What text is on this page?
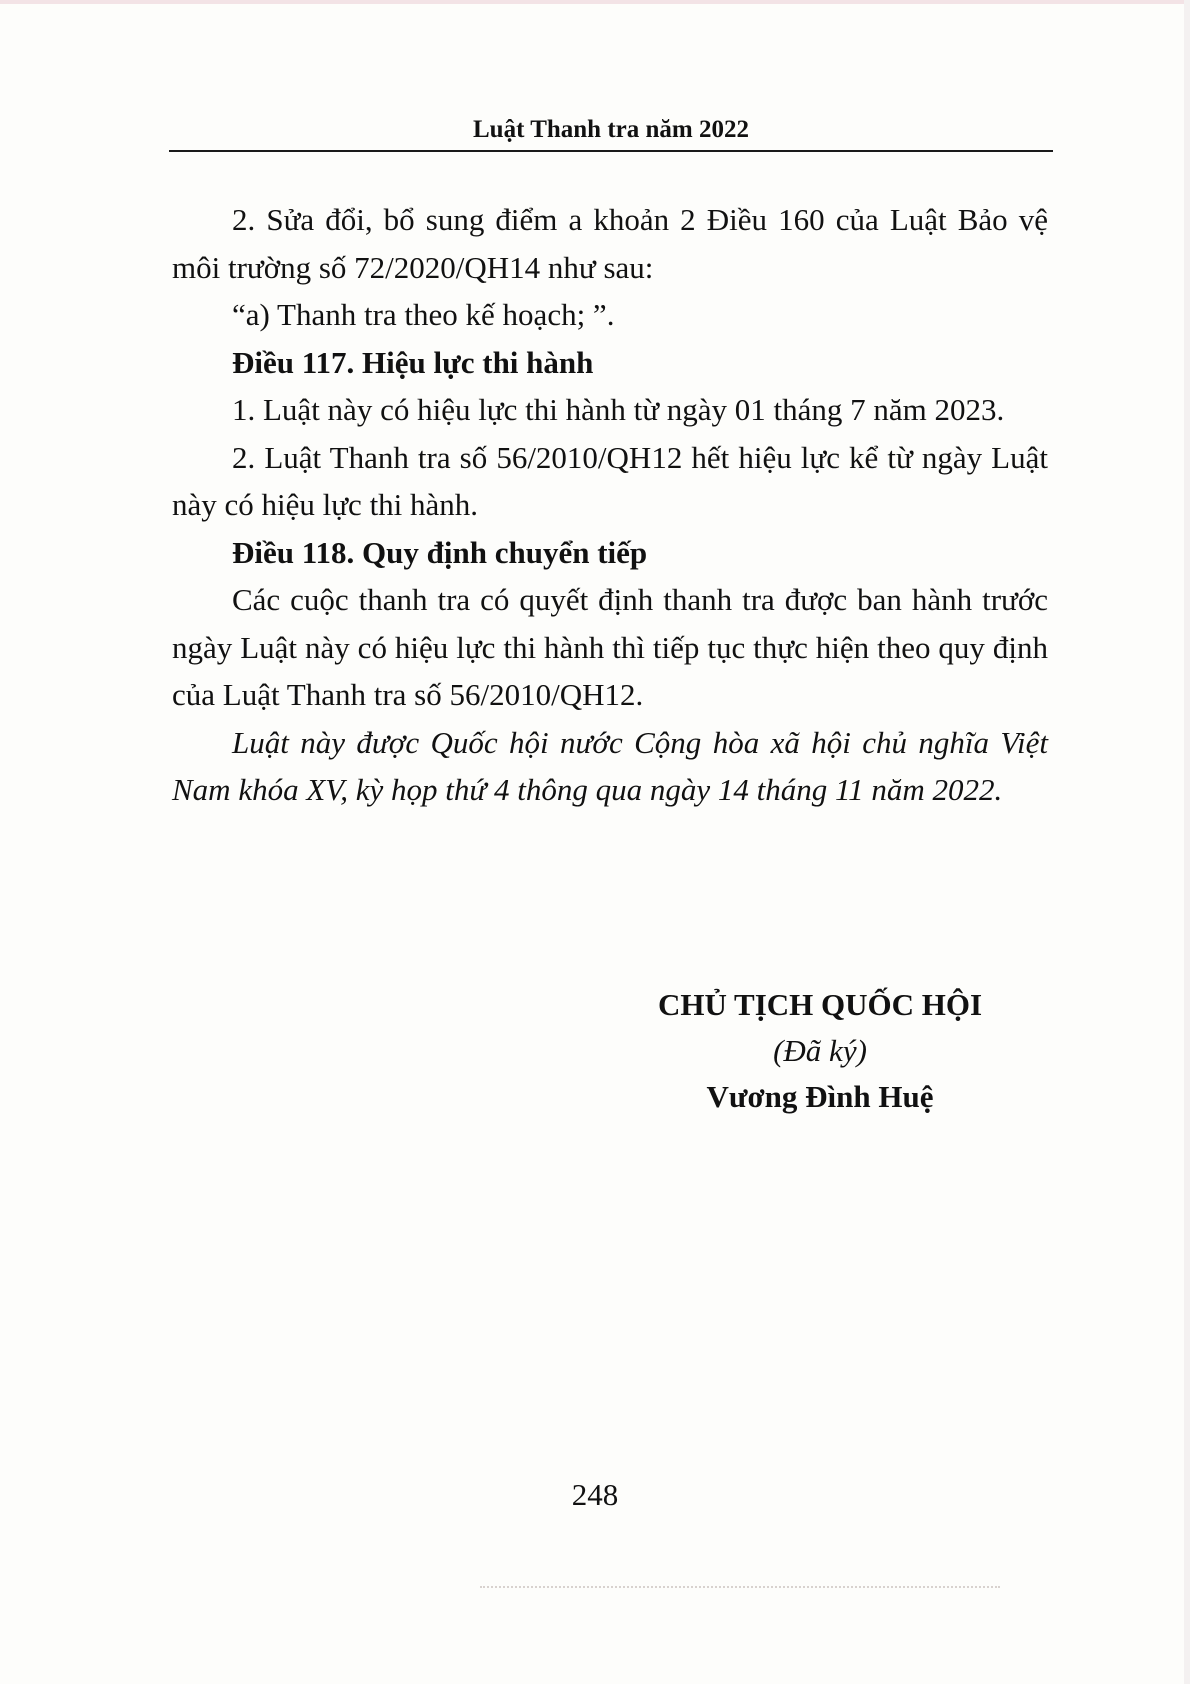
Luật Thanh tra năm 2022

2. Sửa đổi, bổ sung điểm a khoản 2 Điều 160 của Luật Bảo vệ môi trường số 72/2020/QH14 như sau:

“a) Thanh tra theo kế hoạch; ”.

Điều 117. Hiệu lực thi hành

1. Luật này có hiệu lực thi hành từ ngày 01 tháng 7 năm 2023.

2. Luật Thanh tra số 56/2010/QH12 hết hiệu lực kể từ ngày Luật này có hiệu lực thi hành.

Điều 118. Quy định chuyển tiếp

Các cuộc thanh tra có quyết định thanh tra được ban hành trước ngày Luật này có hiệu lực thi hành thì tiếp tục thực hiện theo quy định của Luật Thanh tra số 56/2010/QH12.

Luật này được Quốc hội nước Cộng hòa xã hội chủ nghĩa Việt Nam khóa XV, kỳ họp thứ 4 thông qua ngày 14 tháng 11 năm 2022.

CHỦ TỊCH QUỐC HỘI
(Đã ký)
Vương Đình Huệ
248
